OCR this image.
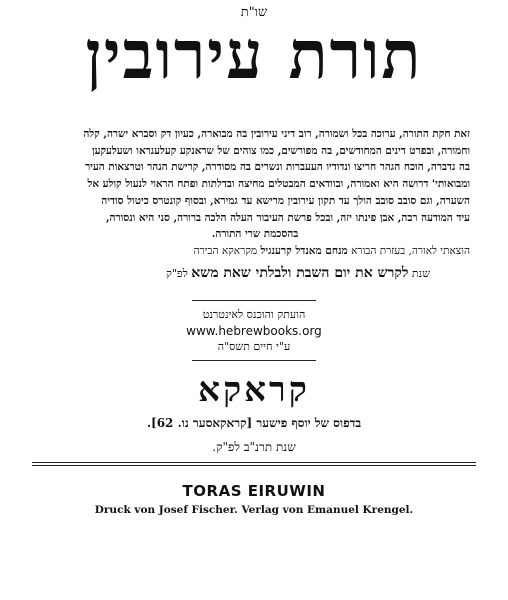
שו"ת
תורת עירובין
זאת חקת התורה, ערוכה בכל ושמורה, רוב דיני עירובין בה מבוארה, כעיון דק וסברא ישרה, קלה
וחמורה, ובפרט דינים המחודשים, בה מפורשים, כמו צוהים של שראנקע קעלענראו ושעלעקען
בה נדברה, הוכח הגהר חריצו ונדודיו העעברות ונשרים בה מסודרה, קרישת הנהר וטרצאות העיר
ומבואותי' דרושה היא ואמורה, ובוודאים המבטלים מחיצה ובדלתות ופתח הראוי לנעול קולע אל
השערה, וגם סובב סובב הולך עד תקון עירובין מרישא עד גמירא, ובסוף קונטרס כיטול סודיה
עיד המודעה רבה, אבן פינתו יזה, ובכל פרשת העיבור העלה הלכה ברורה, סני היא ונסורה,
בהסכמת שרי התורה.
הוצאתי לאורה, בעזרת הבורא מנחם מאנדל קרענגיל מקראקא הבירה
שנת לקרש את יום השבת ולבלתי שאת משא לפ"ק
הועתק והוכנס לאינטרנט
www.hebrewbooks.org
ע"י חיים תשס"ה
קראקא
בדפוס של יוסף פישער [קראקאסער נו. 62].
שנת תרנ"ב לפ"ק.
TORAS EIRUWIN
Druck von Josef Fischer. Verlag von Emanuel Krengel.
